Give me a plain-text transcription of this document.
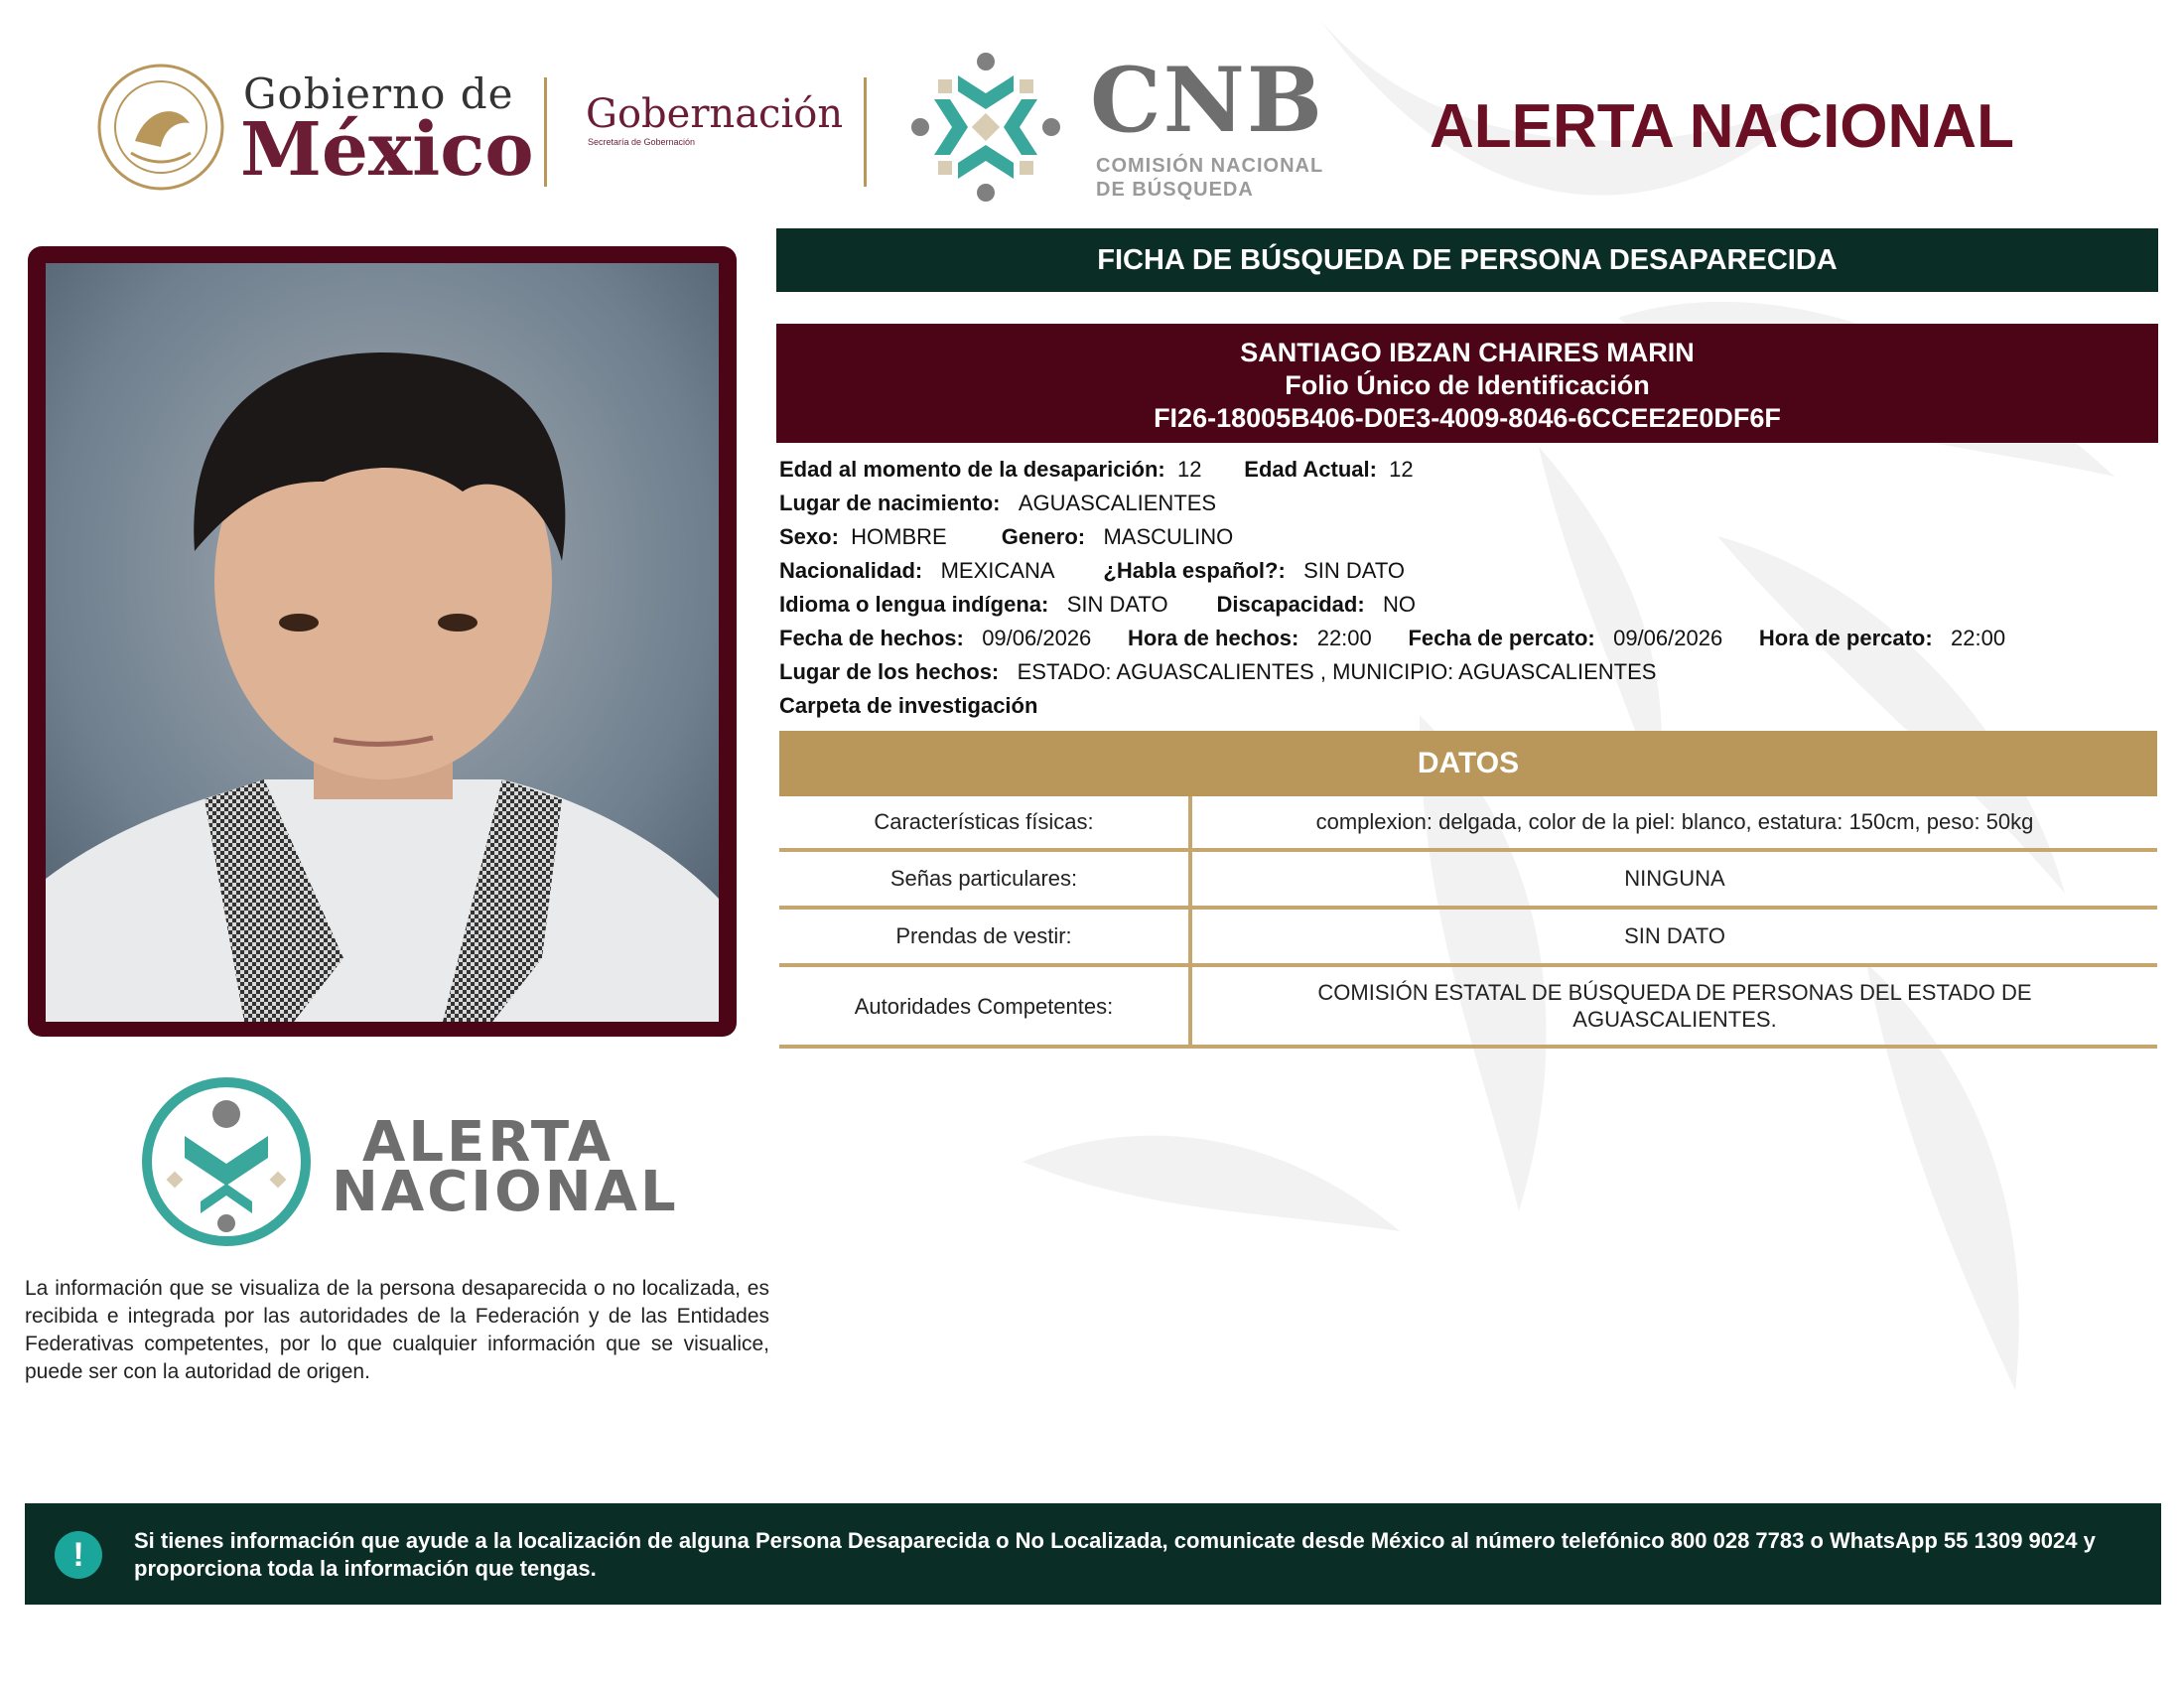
Gobierno de
México Gobernación
Secretaría de Gobernación	CNB
COMISIÓN NACIONAL
DE BÚSQUEDA
ALERTA NACIONAL
FICHA DE BÚSQUEDA DE PERSONA DESAPARECIDA
SANTIAGO IBZAN CHAIRES MARIN
Folio Único de Identificación
FI26-18005B406-D0E3-4009-8046-6CCEE2E0DF6F
Edad al momento de la desaparición: 12 Edad Actual: 12
Lugar de nacimiento: AGUASCALIENTES
Sexo: HOMBRE	Genero: MASCULINO
Nacionalidad: MEXICANA ¿Habla español?: SIN DATO
Idioma o lengua indígena: SIN DATO Discapacidad: NO
Fecha de hechos: 09/06/2026 Hora de hechos: 22:00 Fecha de percato: 09/06/2026 Hora de percato: 22:00
Lugar de los hechos: ESTADO: AGUASCALIENTES , MUNICIPIO: AGUASCALIENTES
Carpeta de investigación
DATOS
Características físicas:	complexion: delgada, color de la piel: blanco, estatura: 150cm, peso: 50kg
Señas particulares:	NINGUNA
Prendas de vestir:	SIN DATO
Autoridades Competentes:	COMISIÓN ESTATAL DE BÚSQUEDA DE PERSONAS DEL ESTADO DE AGUASCALIENTES.
ALERTA
NACIONAL
La información que se visualiza de la persona desaparecida o no localizada, es recibida e integrada por las autoridades de la Federación y de las Entidades Federativas competentes, por lo que cualquier información que se visualice, puede ser con la autoridad de origen.
!	Si tienes información que ayude a la localización de alguna Persona Desaparecida o No Localizada, comunicate desde México al número telefónico 800 028 7783 o WhatsApp 55 1309 9024 y proporciona toda la información que tengas.
